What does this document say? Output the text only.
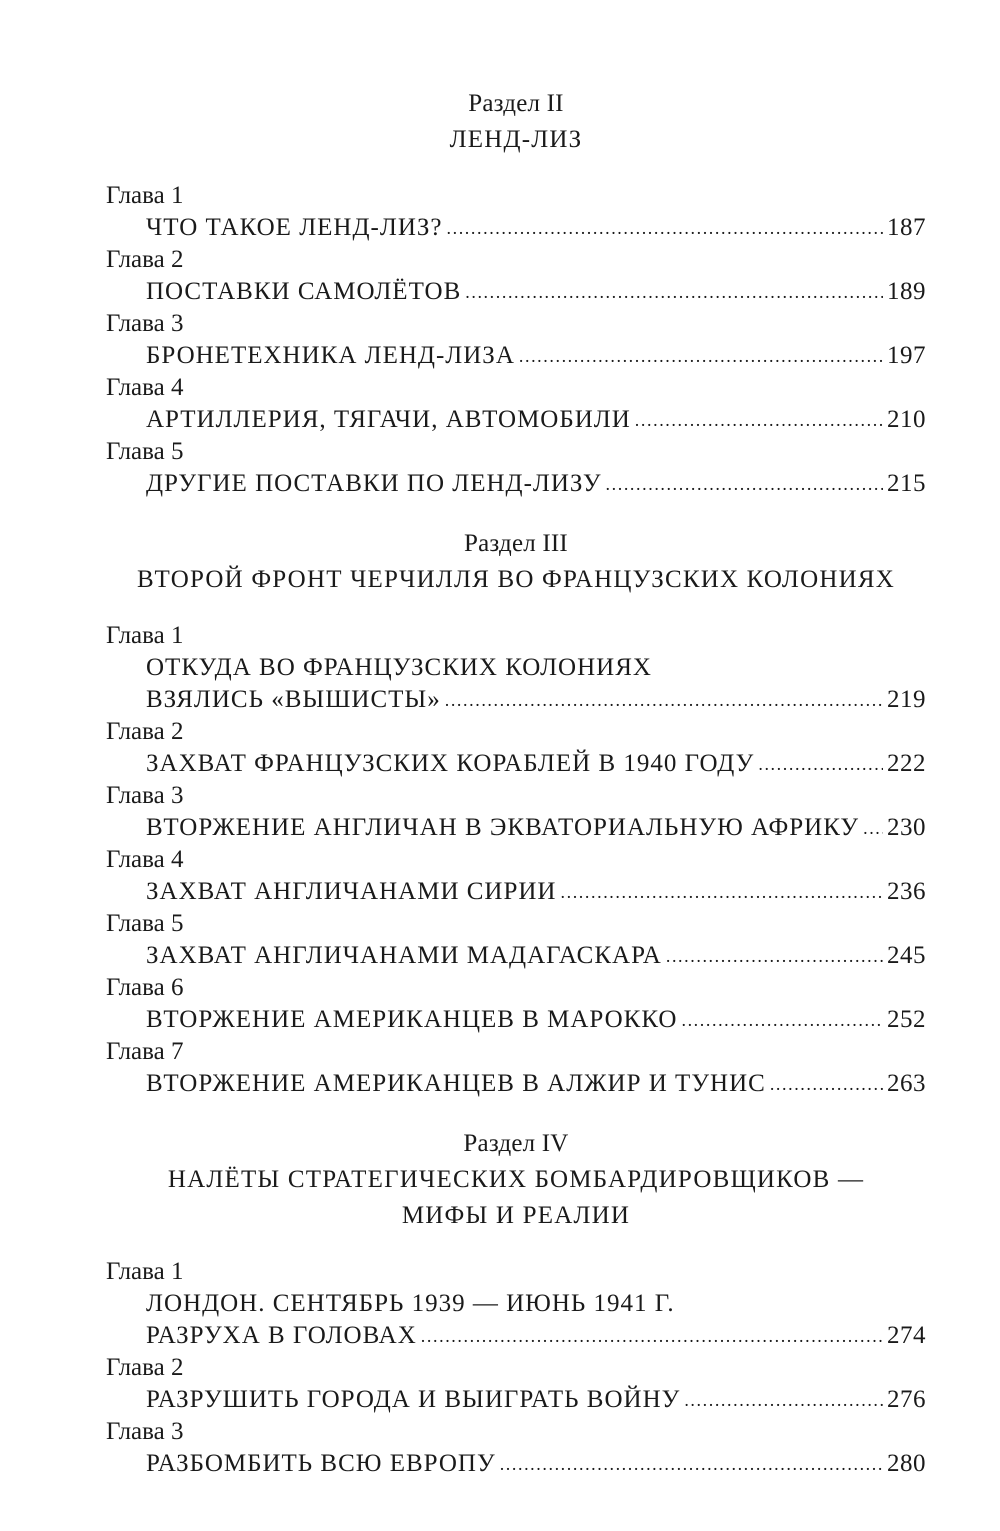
Раздел II
ЛЕНД-ЛИЗ
Глава 1
ЧТО ТАКОЕ ЛЕНД-ЛИЗ? .....	187
Глава 2
ПОСТАВКИ САМОЛЁТОВ .....	189
Глава 3
БРОНЕТЕХНИКА ЛЕНД-ЛИЗА .....	197
Глава 4
АРТИЛЛЕРИЯ, ТЯГАЧИ, АВТОМОБИЛИ .....	210
Глава 5
ДРУГИЕ ПОСТАВКИ ПО ЛЕНД-ЛИЗУ .....	215
Раздел III
ВТОРОЙ ФРОНТ ЧЕРЧИЛЛЯ ВО ФРАНЦУЗСКИХ КОЛОНИЯХ
Глава 1
ОТКУДА ВО ФРАНЦУЗСКИХ КОЛОНИЯХ
ВЗЯЛИСЬ «ВЫШИСТЫ» .....	219
Глава 2
ЗАХВАТ ФРАНЦУЗСКИХ КОРАБЛЕЙ В 1940 ГОДУ .....	222
Глава 3
ВТОРЖЕНИЕ АНГЛИЧАН В ЭКВАТОРИАЛЬНУЮ АФРИКУ ..... 230
Глава 4
ЗАХВАТ АНГЛИЧАНАМИ СИРИИ .....	236
Глава 5
ЗАХВАТ АНГЛИЧАНАМИ МАДАГАСКАРА .....	245
Глава 6
ВТОРЖЕНИЕ АМЕРИКАНЦЕВ В МАРОККО .....	252
Глава 7
ВТОРЖЕНИЕ АМЕРИКАНЦЕВ В АЛЖИР И ТУНИС .....	263
Раздел IV
НАЛЁТЫ СТРАТЕГИЧЕСКИХ БОМБАРДИРОВЩИКОВ —
МИФЫ И РЕАЛИИ
Глава 1
ЛОНДОН. СЕНТЯБРЬ 1939 — ИЮНЬ 1941 Г.
РАЗРУХА В ГОЛОВАХ .....	274
Глава 2
РАЗРУШИТЬ ГОРОДА И ВЫИГРАТЬ ВОЙНУ .....	276
Глава 3
РАЗБОМБИТЬ ВСЮ ЕВРОПУ .....	280
